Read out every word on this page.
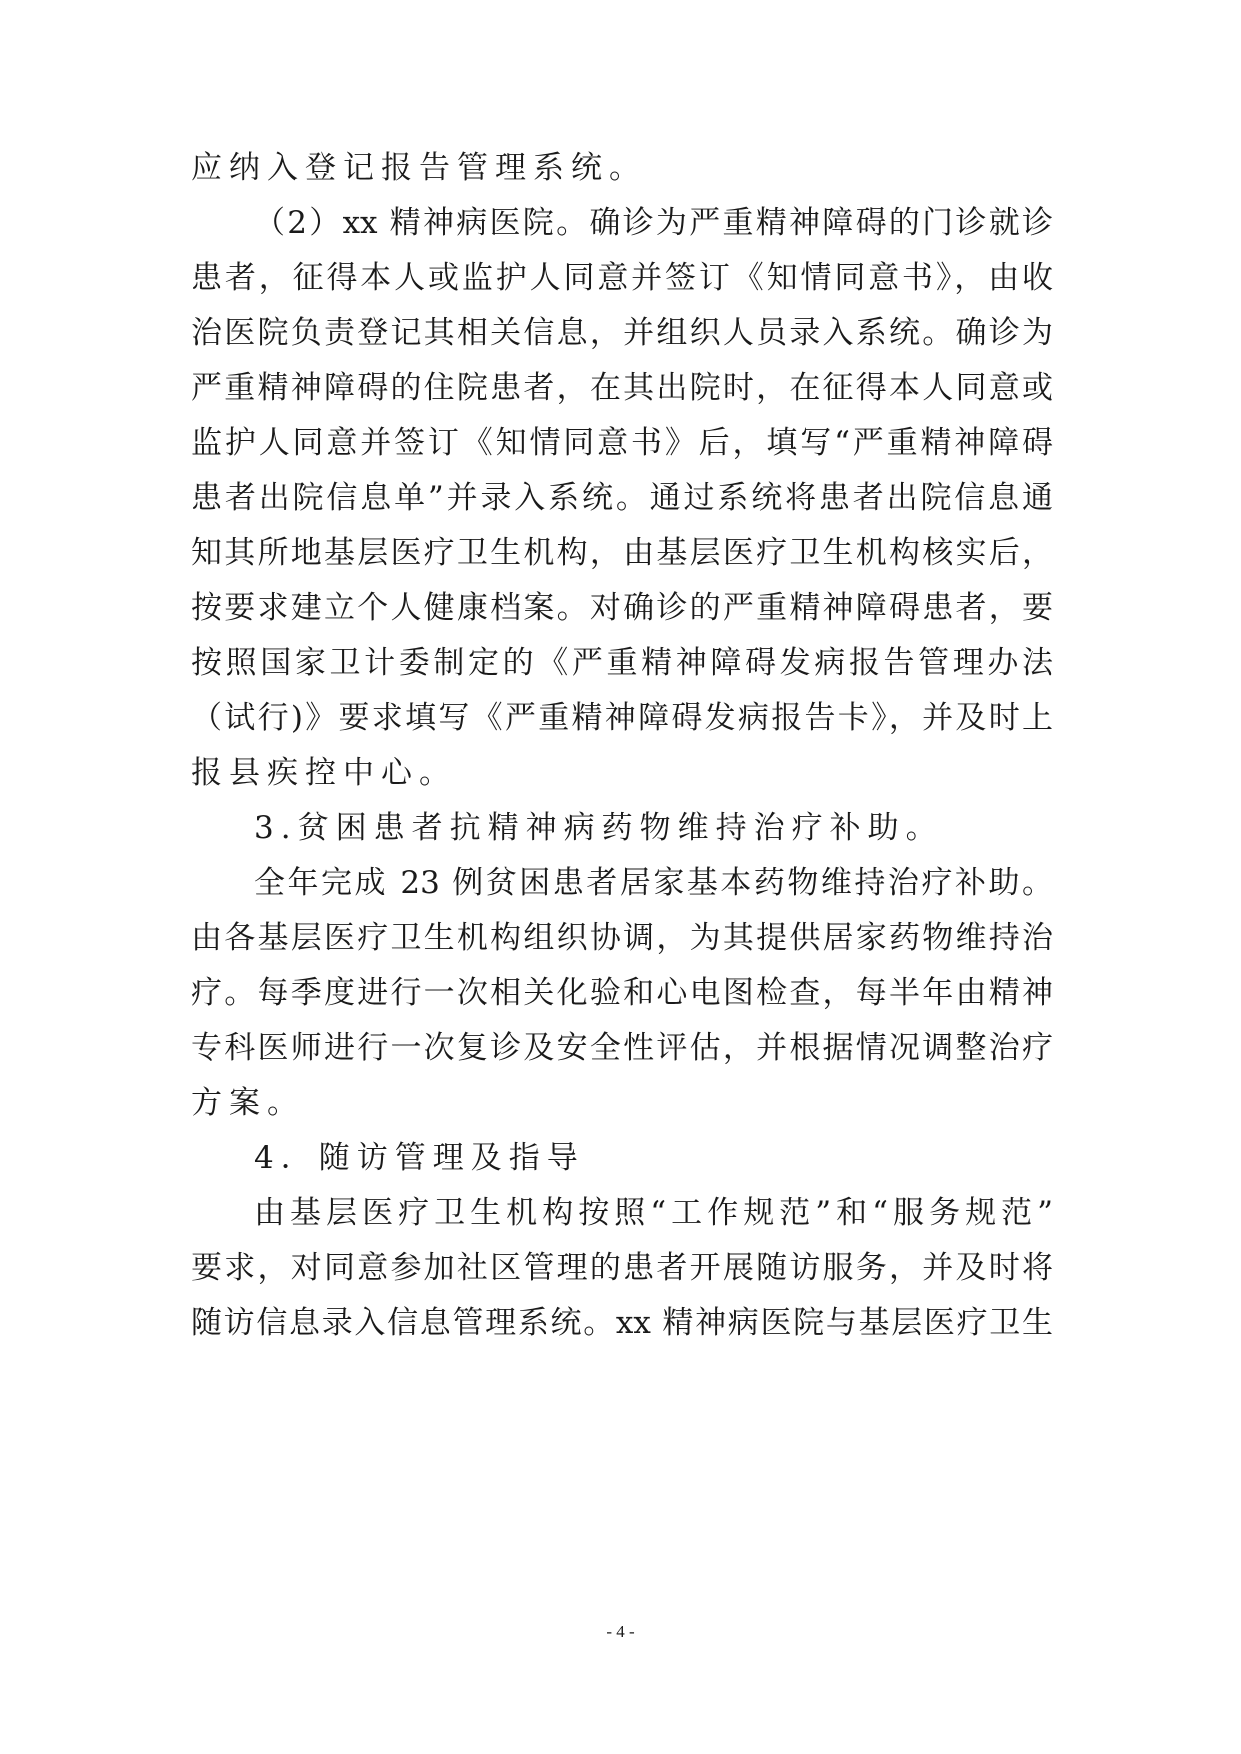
应纳入登记报告管理系统。
（2）xx 精神病医院。确诊为严重精神障碍的门诊就诊
患者，征得本人或监护人同意并签订《知情同意书》，由收
治医院负责登记其相关信息，并组织人员录入系统。确诊为
严重精神障碍的住院患者，在其出院时，在征得本人同意或
监护人同意并签订《知情同意书》后，填写“严重精神障碍
患者出院信息单”并录入系统。通过系统将患者出院信息通
知其所地基层医疗卫生机构，由基层医疗卫生机构核实后，
按要求建立个人健康档案。对确诊的严重精神障碍患者，要
按照国家卫计委制定的《严重精神障碍发病报告管理办法
（试行)》要求填写《严重精神障碍发病报告卡》，并及时上
报县疾控中心。
3.贫困患者抗精神病药物维持治疗补助。
全年完成 23 例贫困患者居家基本药物维持治疗补助。
由各基层医疗卫生机构组织协调，为其提供居家药物维持治
疗。每季度进行一次相关化验和心电图检查，每半年由精神
专科医师进行一次复诊及安全性评估，并根据情况调整治疗
方案。
4．随访管理及指导
由基层医疗卫生机构按照“工作规范”和“服务规范”
要求，对同意参加社区管理的患者开展随访服务，并及时将
随访信息录入信息管理系统。xx 精神病医院与基层医疗卫生
- 4 -
